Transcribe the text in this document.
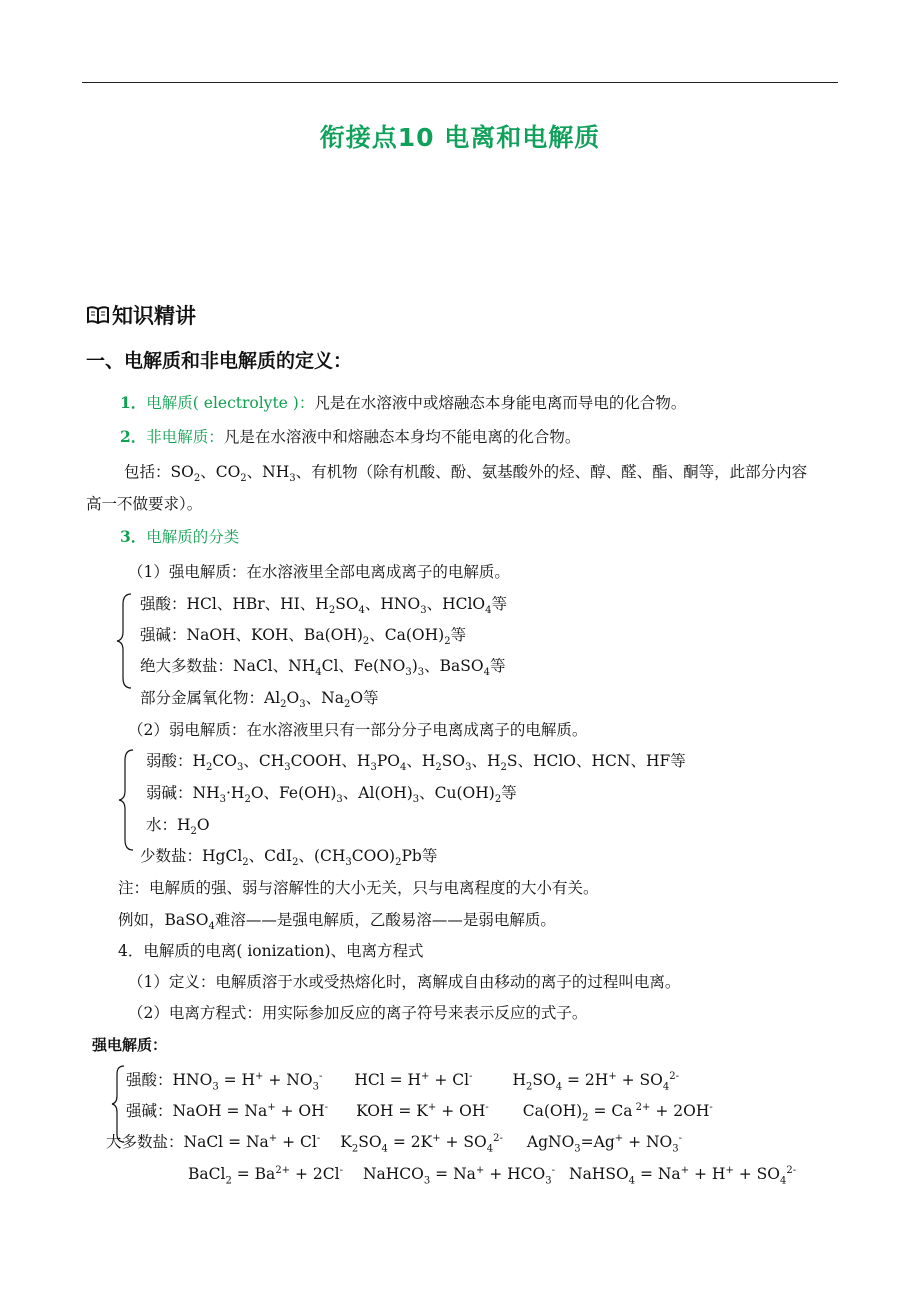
衔接点10 电离和电解质
知识精讲
一、电解质和非电解质的定义：
1．电解质( electrolyte )：凡是在水溶液中或熔融态本身能电离而导电的化合物。
2．非电解质：凡是在水溶液中和熔融态本身均不能电离的化合物。
包括：$SO_2$、$CO_2$、$NH_3$、有机物（除有机酸、酚、氨基酸外的烃、醇、醛、酯、酮等，此部分内容
高一不做要求）。
3．电解质的分类
（1）强电解质：在水溶液里全部电离成离子的电解质。
强酸：HCl、HBr、HI、$H_2SO_4$、$HNO_3$、HClO$_4$等
强碱：NaOH、KOH、$Ba(OH)_2$、$Ca(OH)_2$等
绝大多数盐：NaCl、$NH_4Cl$、$Fe(NO_3)_3$、BaSO$_4$等
部分金属氧化物：$Al_2O_3$、$Na_2O$等
（2）弱电解质：在水溶液里只有一部分分子电离成离子的电解质。
弱酸：$H_2CO_3$、$CH_3COOH$、$H_3PO_4$、$H_2SO_3$、$H_2S$、HClO、HCN、HF等
弱碱：$NH_3\cdot H_2O$、$Fe(OH)_3$、$Al(OH)_3$、$Cu(OH)_2$等
水：$H_2O$
少数盐：HgCl$_2$、CdI$_2$、$(CH_3COO)_2Pb$等
注：电解质的强、弱与溶解性的大小无关，只与电离程度的大小有关。
例如，BaSO$_4$难溶——是强电解质，乙酸易溶——是弱电解质。
4．电解质的电离( ionization)、电离方程式
（1）定义：电解质溶于水或受热熔化时，离解成自由移动的离子的过程叫电离。
（2）电离方程式：用实际参加反应的离子符号来表示反应的式子。
强电解质：
强酸：$HNO_3 = H^+ + NO_3^-$ HCl = H+ + Cl-	$H_2SO_4 = 2H^+ + SO_4^{2-}$
强碱：NaOH = Na+ + OH- KOH = K+ + OH- $Ca(OH)_2 = Ca$ $^{2+}$ + 2OH-
大多数盐：NaCl = Na+ + Cl- $K_2SO_4 = 2K^+ + SO_4^{2-}$ AgNO$_3$=Ag+ + $NO_3^-$
BaCl$_2$ = $Ba^{2+} + 2Cl^-$ NaHCO$_3$ = $Na^+ + HCO_3^-$ NaHSO$_4$ = $Na^+ + H^+ + SO_4^{2-}$
